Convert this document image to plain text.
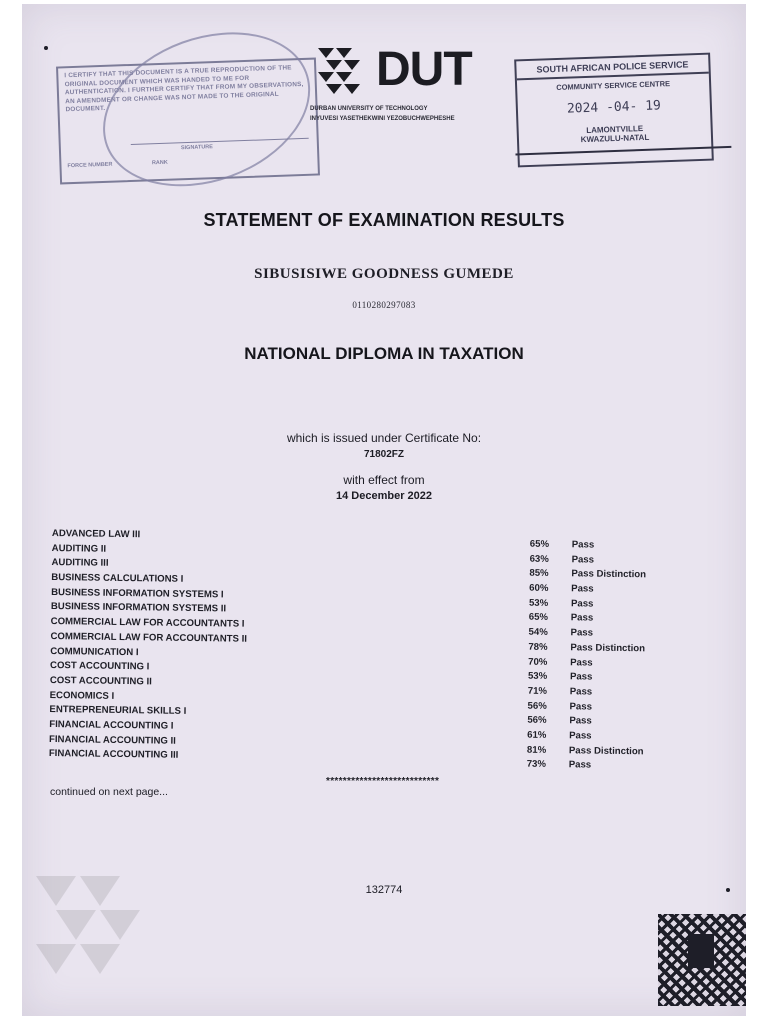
I CERTIFY THAT THIS DOCUMENT IS A TRUE REPRODUCTION OF THE ORIGINAL DOCUMENT WHICH WAS HANDED TO ME FOR AUTHENTICATION. I FURTHER CERTIFY THAT FROM MY OBSERVATIONS, AN AMENDMENT OR CHANGE WAS NOT MADE TO THE ORIGINAL DOCUMENT.
SIGNATURE
FORCE NUMBER	RANK
DUT
DURBAN UNIVERSITY OF TECHNOLOGY
INYUVESI YASETHEKWINI YEZOBUCHWEPHESHE
SOUTH AFRICAN POLICE SERVICE
COMMUNITY SERVICE CENTRE
2024 -04- 19
LAMONTVILLE
KWAZULU-NATAL
STATEMENT OF EXAMINATION RESULTS
SIBUSISIWE GOODNESS GUMEDE
0110280297083
NATIONAL DIPLOMA IN TAXATION
which is issued under Certificate No:
71802FZ
with effect from
14 December 2022
ADVANCED LAW III
65% Pass
AUDITING II
63% Pass
AUDITING III
85% Pass Distinction
BUSINESS CALCULATIONS I
60% Pass
BUSINESS INFORMATION SYSTEMS I
53% Pass
BUSINESS INFORMATION SYSTEMS II
65% Pass
COMMERCIAL LAW FOR ACCOUNTANTS I
54% Pass
COMMERCIAL LAW FOR ACCOUNTANTS II
78% Pass Distinction
COMMUNICATION I
70% Pass
COST ACCOUNTING I
53% Pass
COST ACCOUNTING II
71% Pass
ECONOMICS I
56% Pass
ENTREPRENEURIAL SKILLS I
56% Pass
FINANCIAL ACCOUNTING I
61% Pass
FINANCIAL ACCOUNTING II
81% Pass Distinction
FINANCIAL ACCOUNTING III
73% Pass
***************************
continued on next page...
132774
